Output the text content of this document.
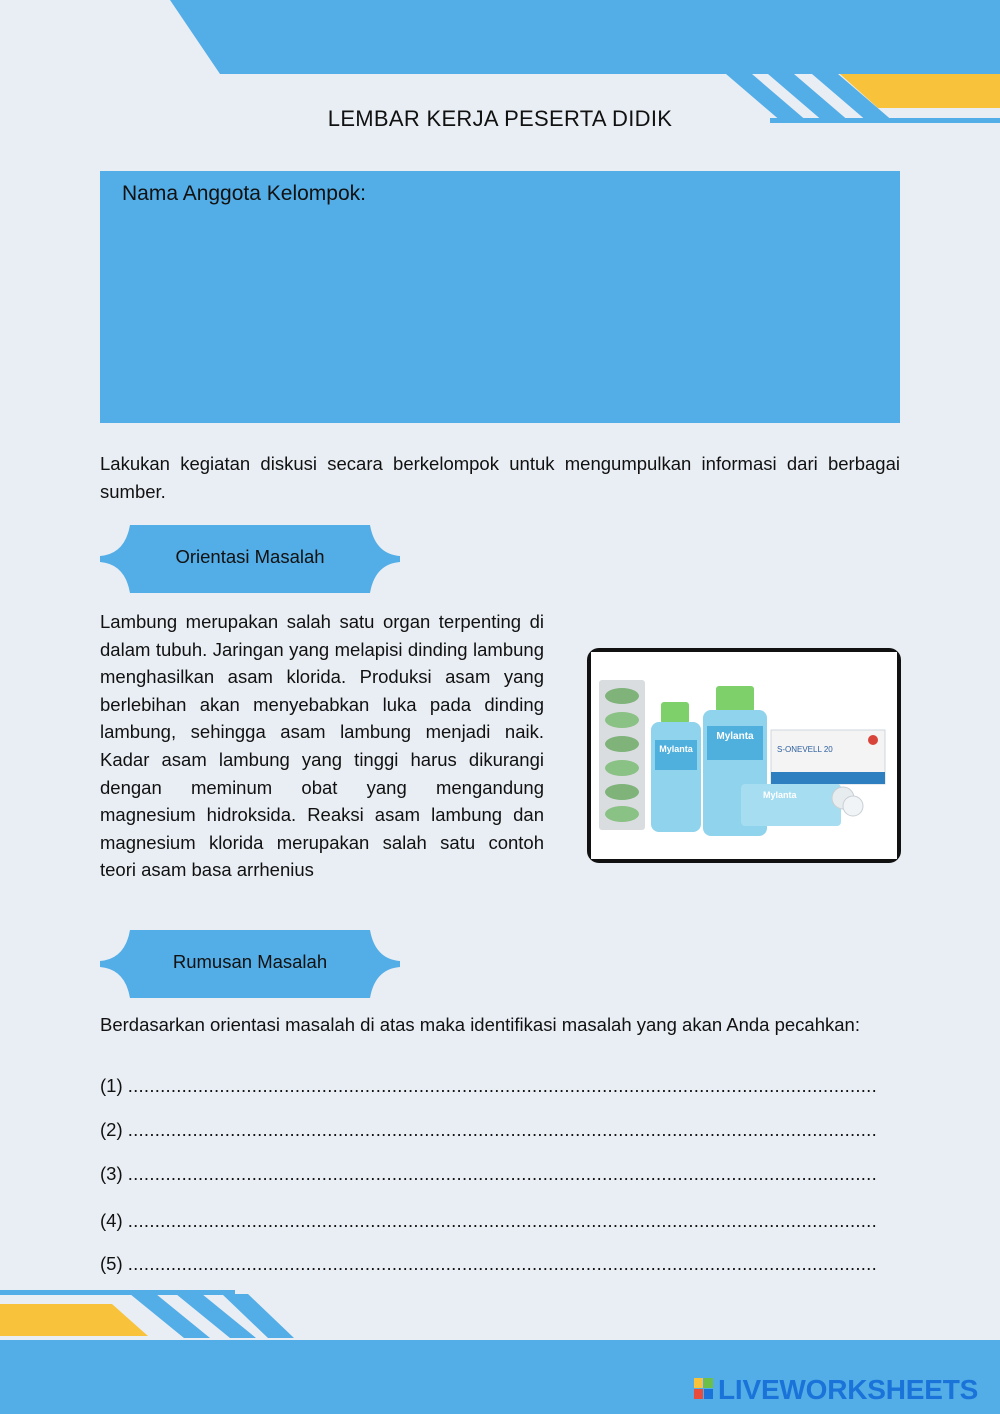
LEMBAR KERJA PESERTA DIDIK
Nama Anggota Kelompok:
Lakukan kegiatan diskusi secara berkelompok untuk mengumpulkan informasi dari berbagai sumber.
Orientasi Masalah
Lambung merupakan salah satu organ terpenting di dalam tubuh. Jaringan yang melapisi dinding lambung menghasilkan asam klorida. Produksi asam yang berlebihan akan menyebabkan luka pada dinding lambung, sehingga asam lambung menjadi naik. Kadar asam lambung yang tinggi harus dikurangi dengan meminum obat yang mengandung magnesium hidroksida. Reaksi asam lambung dan magnesium klorida merupakan salah satu contoh teori asam basa arrhenius
Mylanta
Mylanta
S-ONEVELL 20
Mylanta
Rumusan Masalah
Berdasarkan orientasi masalah di atas maka identifikasi masalah yang akan Anda pecahkan:
(1) ...........................................................................................................................................
(2) ...........................................................................................................................................
(3) ...........................................................................................................................................
(4) ...........................................................................................................................................
(5) ...........................................................................................................................................
LIVEWORKSHEETS
